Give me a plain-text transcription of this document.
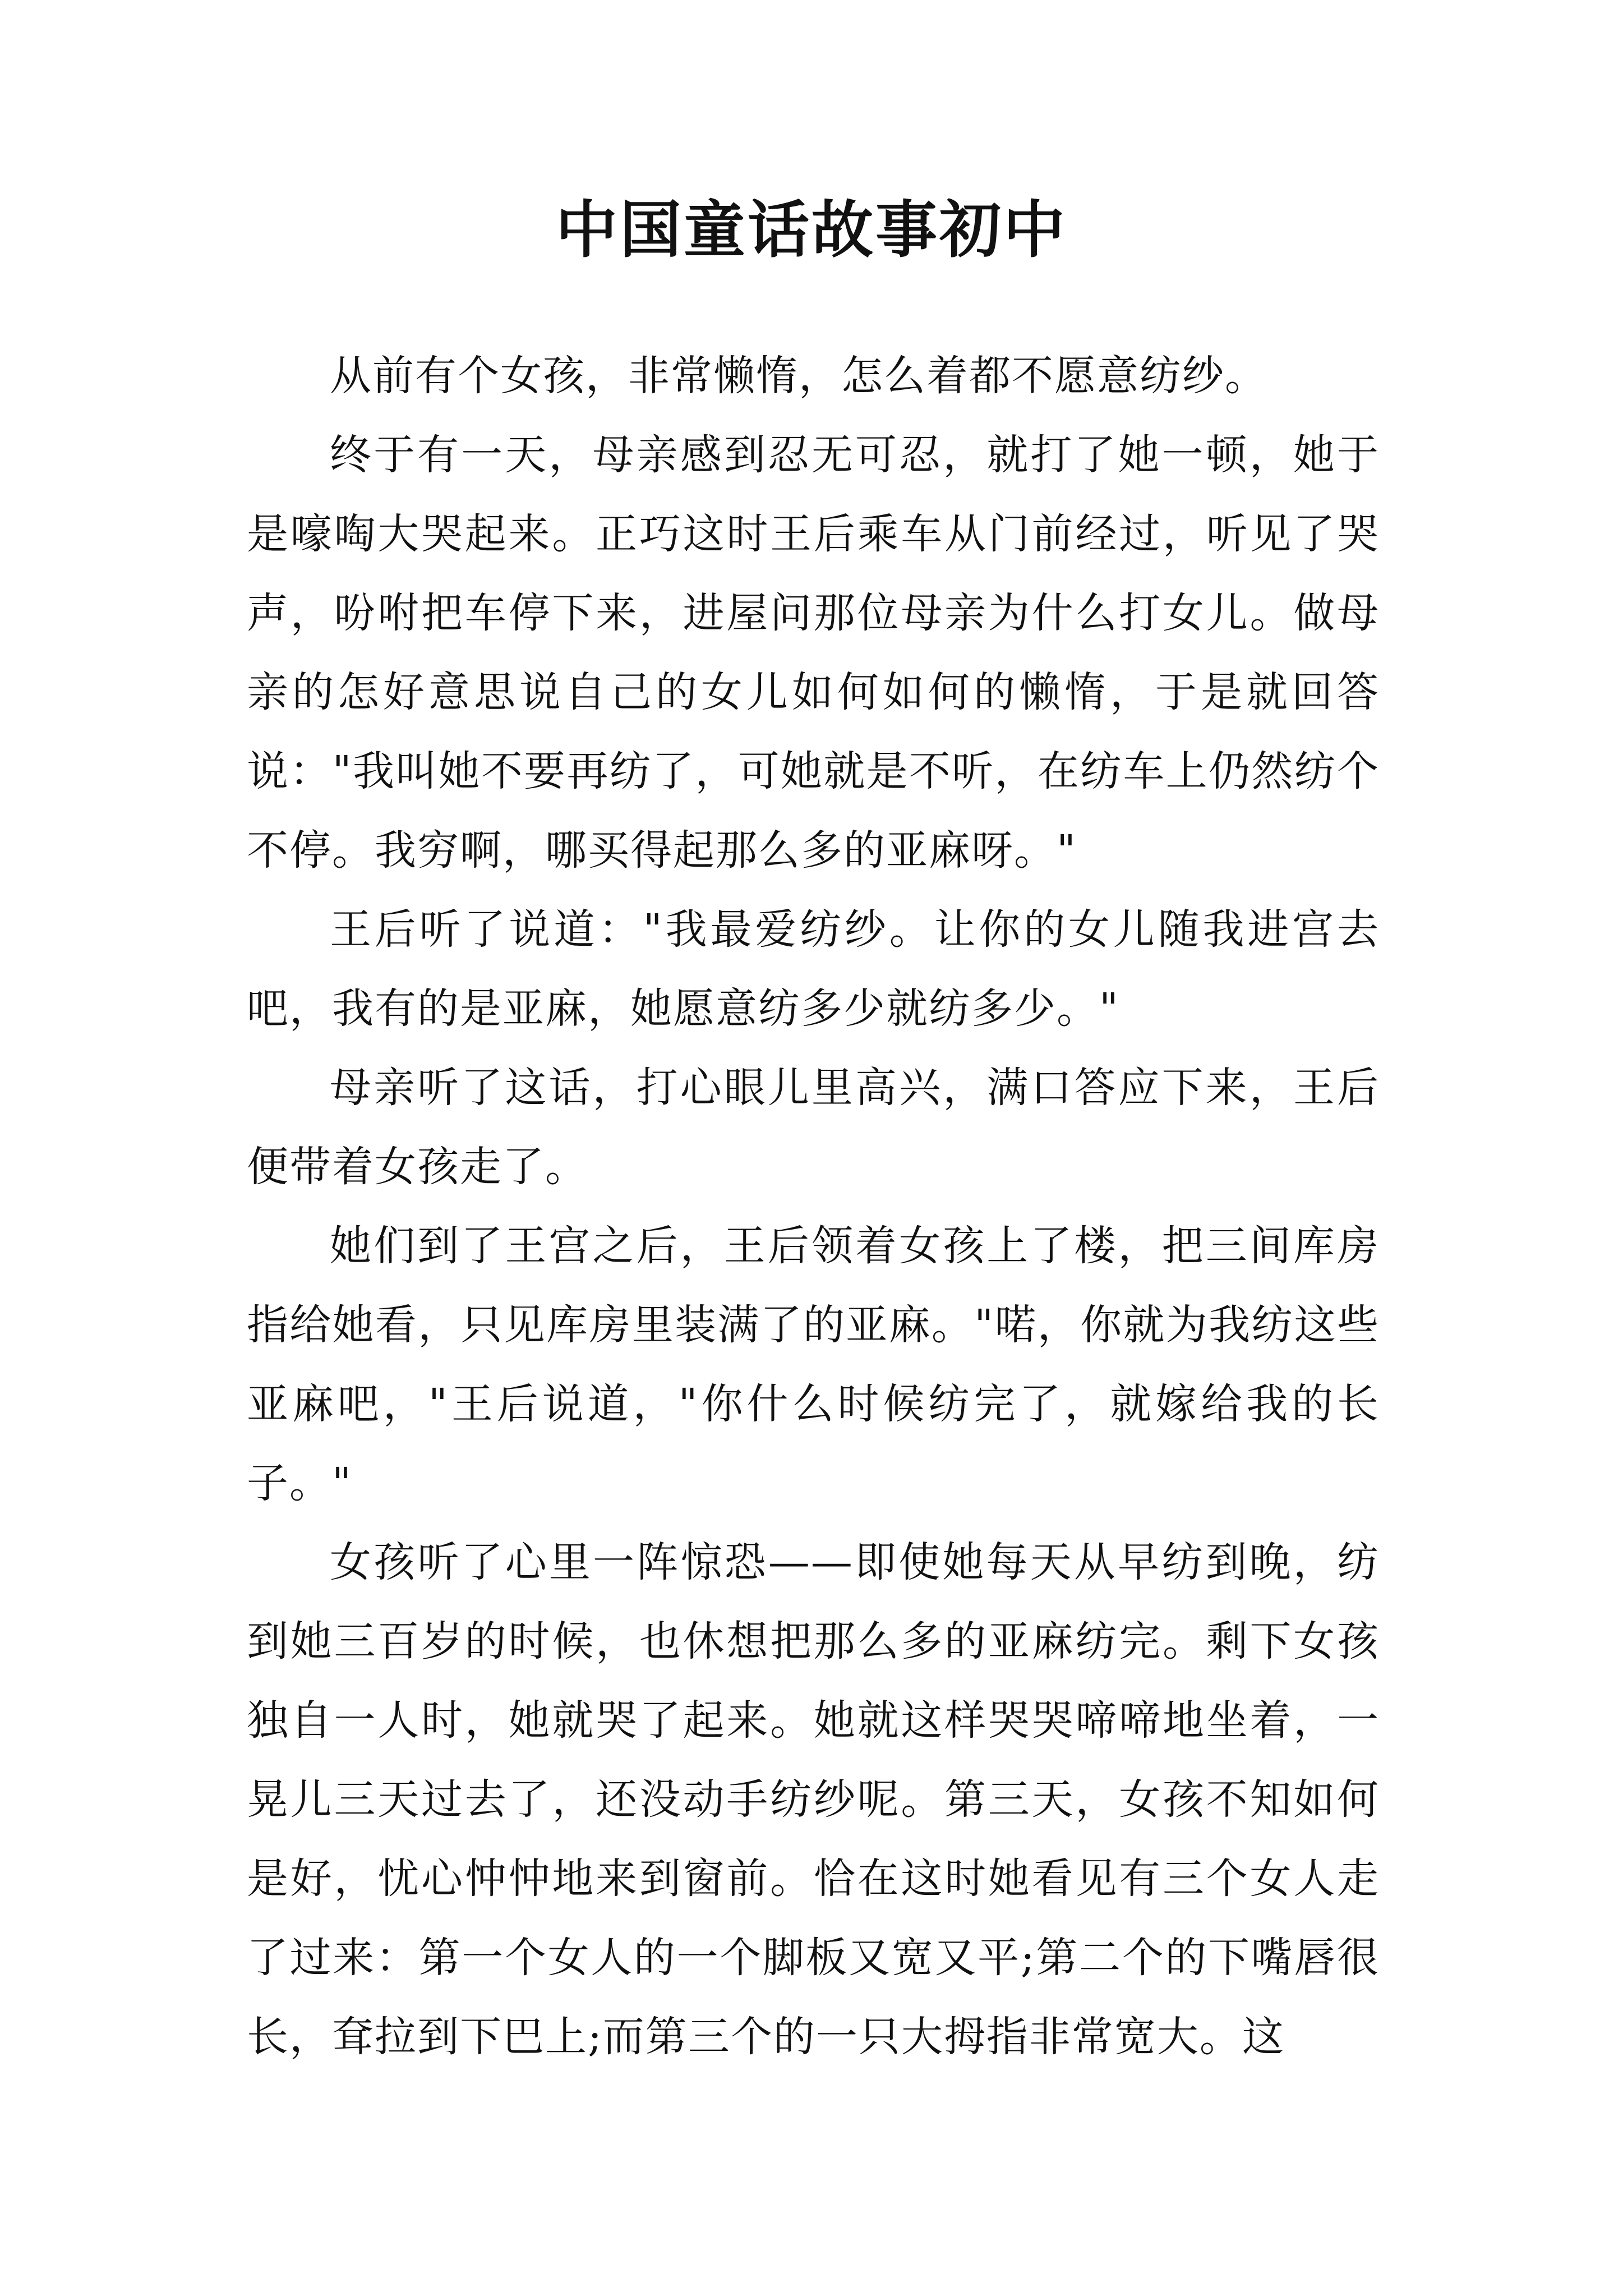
中国童话故事初中

从前有个女孩，非常懒惰，怎么着都不愿意纺纱。

终于有一天，母亲感到忍无可忍，就打了她一顿，她于是嚎啕大哭起来。正巧这时王后乘车从门前经过，听见了哭声，吩咐把车停下来，进屋问那位母亲为什么打女儿。做母亲的怎好意思说自己的女儿如何如何的懒惰，于是就回答说："我叫她不要再纺了，可她就是不听，在纺车上仍然纺个不停。我穷啊，哪买得起那么多的亚麻呀。"

王后听了说道："我最爱纺纱。让你的女儿随我进宫去吧，我有的是亚麻，她愿意纺多少就纺多少。"

母亲听了这话，打心眼儿里高兴，满口答应下来，王后便带着女孩走了。

她们到了王宫之后，王后领着女孩上了楼，把三间库房指给她看，只见库房里装满了的亚麻。"喏，你就为我纺这些亚麻吧，"王后说道，"你什么时候纺完了，就嫁给我的长子。"

女孩听了心里一阵惊恐——即使她每天从早纺到晚，纺到她三百岁的时候，也休想把那么多的亚麻纺完。剩下女孩独自一人时，她就哭了起来。她就这样哭哭啼啼地坐着，一晃儿三天过去了，还没动手纺纱呢。第三天，女孩不知如何是好，忧心忡忡地来到窗前。恰在这时她看见有三个女人走了过来：第一个女人的一个脚板又宽又平;第二个的下嘴唇很长，耷拉到下巴上;而第三个的一只大拇指非常宽大。这
